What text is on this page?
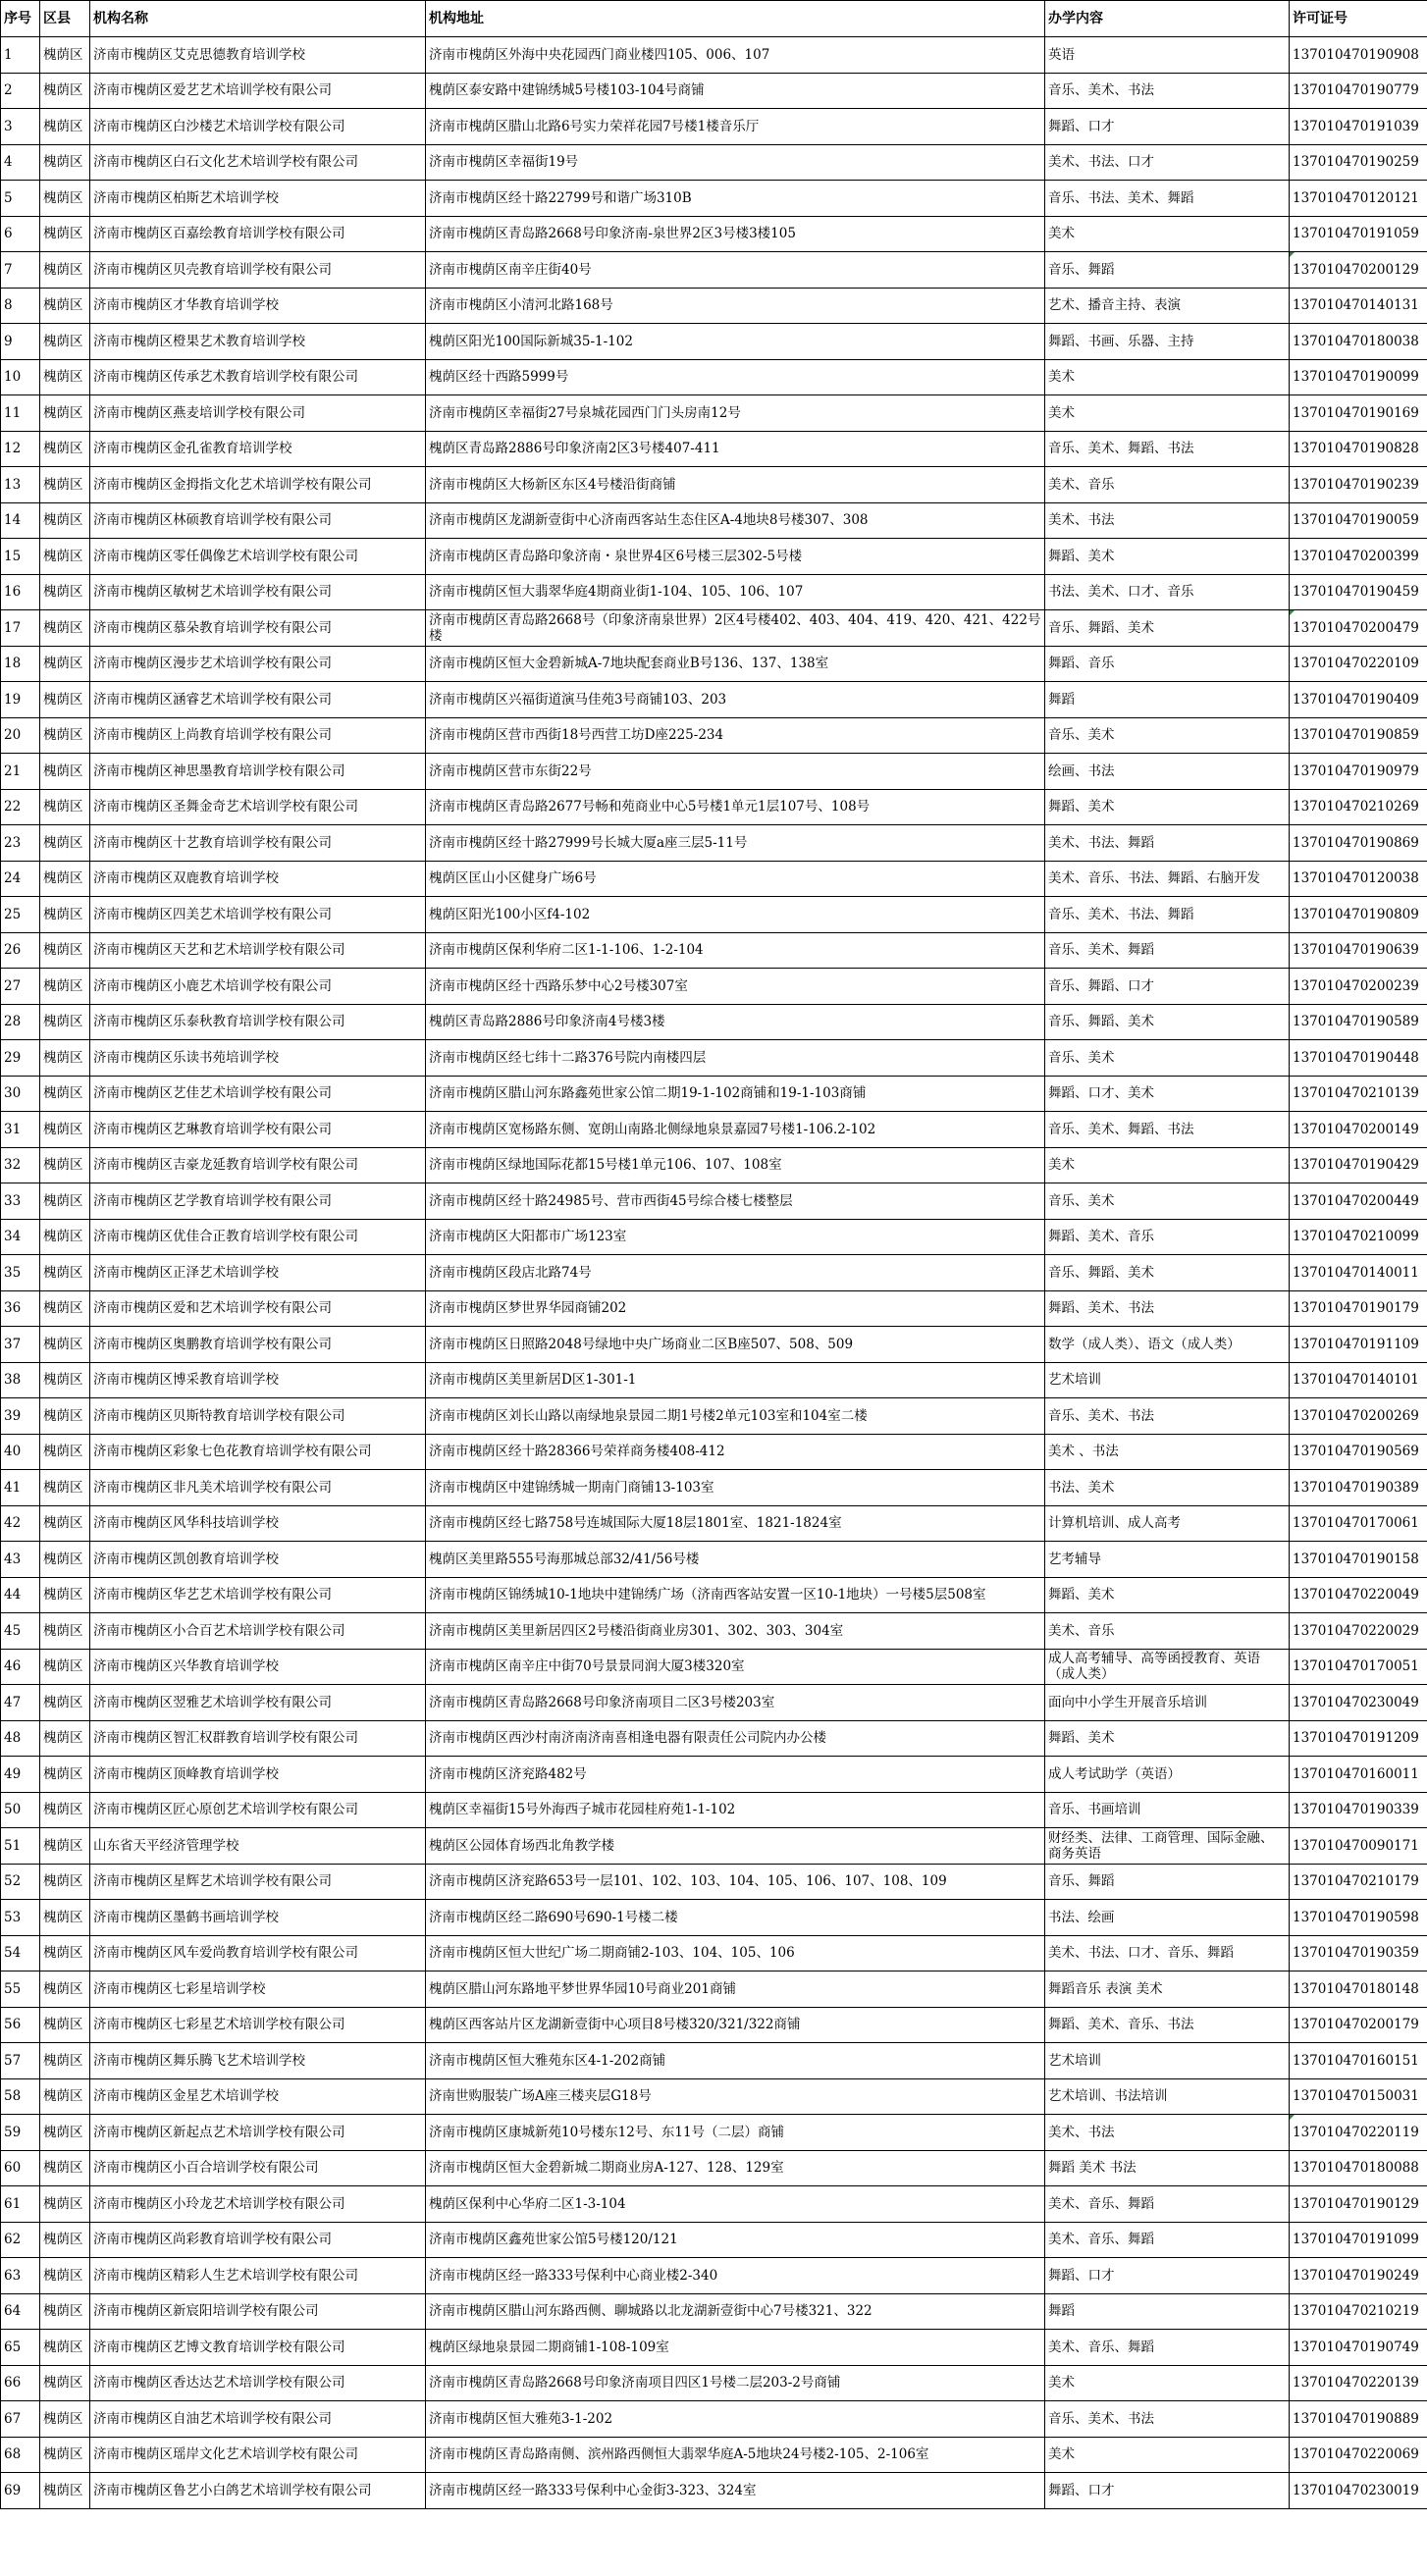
序号	区县	机构名称	机构地址	办学内容	许可证号
1	槐荫区	济南市槐荫区艾克思德教育培训学校	济南市槐荫区外海中央花园西门商业楼四105、006、107	英语	137010470190908
2	槐荫区	济南市槐荫区爱艺艺术培训学校有限公司	槐荫区泰安路中建锦绣城5号楼103-104号商铺	音乐、美术、书法	137010470190779
3	槐荫区	济南市槐荫区白沙楼艺术培训学校有限公司	济南市槐荫区腊山北路6号实力荣祥花园7号楼1楼音乐厅	舞蹈、口才	137010470191039
4	槐荫区	济南市槐荫区白石文化艺术培训学校有限公司	济南市槐荫区幸福街19号	美术、书法、口才	137010470190259
5	槐荫区	济南市槐荫区柏斯艺术培训学校	济南市槐荫区经十路22799号和谐广场310B	音乐、书法、美术、舞蹈	137010470120121
6	槐荫区	济南市槐荫区百嘉绘教育培训学校有限公司	济南市槐荫区青岛路2668号印象济南-泉世界2区3号楼3楼105	美术	137010470191059
7	槐荫区	济南市槐荫区贝壳教育培训学校有限公司	济南市槐荫区南辛庄街40号	音乐、舞蹈	137010470200129
8	槐荫区	济南市槐荫区才华教育培训学校	济南市槐荫区小清河北路168号	艺术、播音主持、表演	137010470140131
9	槐荫区	济南市槐荫区橙果艺术教育培训学校	槐荫区阳光100国际新城35-1-102	舞蹈、书画、乐器、主持	137010470180038
10	槐荫区	济南市槐荫区传承艺术教育培训学校有限公司	槐荫区经十西路5999号	美术	137010470190099
11	槐荫区	济南市槐荫区燕麦培训学校有限公司	济南市槐荫区幸福街27号泉城花园西门门头房南12号	美术	137010470190169
12	槐荫区	济南市槐荫区金孔雀教育培训学校	槐荫区青岛路2886号印象济南2区3号楼407-411	音乐、美术、舞蹈、书法	137010470190828
13	槐荫区	济南市槐荫区金拇指文化艺术培训学校有限公司	济南市槐荫区大杨新区东区4号楼沿街商铺	美术、音乐	137010470190239
14	槐荫区	济南市槐荫区林硕教育培训学校有限公司	济南市槐荫区龙湖新壹街中心济南西客站生态住区A-4地块8号楼307、308	美术、书法	137010470190059
15	槐荫区	济南市槐荫区零任偶像艺术培训学校有限公司	济南市槐荫区青岛路印象济南・泉世界4区6号楼三层302-5号楼	舞蹈、美术	137010470200399
16	槐荫区	济南市槐荫区敏树艺术培训学校有限公司	济南市槐荫区恒大翡翠华庭4期商业街1-104、105、106、107	书法、美术、口才、音乐	137010470190459
17	槐荫区	济南市槐荫区慕朵教育培训学校有限公司	济南市槐荫区青岛路2668号（印象济南泉世界）2区4号楼402、403、404、419、420、421、422号楼	音乐、舞蹈、美术	137010470200479
18	槐荫区	济南市槐荫区漫步艺术培训学校有限公司	济南市槐荫区恒大金碧新城A-7地块配套商业B号136、137、138室	舞蹈、音乐	137010470220109
19	槐荫区	济南市槐荫区涵睿艺术培训学校有限公司	济南市槐荫区兴福街道演马佳苑3号商铺103、203	舞蹈	137010470190409
20	槐荫区	济南市槐荫区上尚教育培训学校有限公司	济南市槐荫区营市西街18号西营工坊D座225-234	音乐、美术	137010470190859
21	槐荫区	济南市槐荫区神思墨教育培训学校有限公司	济南市槐荫区营市东街22号	绘画、书法	137010470190979
22	槐荫区	济南市槐荫区圣舞金奇艺术培训学校有限公司	济南市槐荫区青岛路2677号畅和苑商业中心5号楼1单元1层107号、108号	舞蹈、美术	137010470210269
23	槐荫区	济南市槐荫区十艺教育培训学校有限公司	济南市槐荫区经十路27999号长城大厦a座三层5-11号	美术、书法、舞蹈	137010470190869
24	槐荫区	济南市槐荫区双鹿教育培训学校	槐荫区匡山小区健身广场6号	美术、音乐、书法、舞蹈、右脑开发	137010470120038
25	槐荫区	济南市槐荫区四美艺术培训学校有限公司	槐荫区阳光100小区f4-102	音乐、美术、书法、舞蹈	137010470190809
26	槐荫区	济南市槐荫区天艺和艺术培训学校有限公司	济南市槐荫区保利华府二区1-1-106、1-2-104	音乐、美术、舞蹈	137010470190639
27	槐荫区	济南市槐荫区小鹿艺术培训学校有限公司	济南市槐荫区经十西路乐梦中心2号楼307室	音乐、舞蹈、口才	137010470200239
28	槐荫区	济南市槐荫区乐泰秋教育培训学校有限公司	槐荫区青岛路2886号印象济南4号楼3楼	音乐、舞蹈、美术	137010470190589
29	槐荫区	济南市槐荫区乐读书苑培训学校	济南市槐荫区经七纬十二路376号院内南楼四层	音乐、美术	137010470190448
30	槐荫区	济南市槐荫区艺佳艺术培训学校有限公司	济南市槐荫区腊山河东路鑫苑世家公馆二期19-1-102商铺和19-1-103商铺	舞蹈、口才、美术	137010470210139
31	槐荫区	济南市槐荫区艺琳教育培训学校有限公司	济南市槐荫区宽杨路东侧、宽朗山南路北侧绿地泉景嘉园7号楼1-106.2-102	音乐、美术、舞蹈、书法	137010470200149
32	槐荫区	济南市槐荫区吉豪龙延教育培训学校有限公司	济南市槐荫区绿地国际花都15号楼1单元106、107、108室	美术	137010470190429
33	槐荫区	济南市槐荫区艺学教育培训学校有限公司	济南市槐荫区经十路24985号、营市西街45号综合楼七楼整层	音乐、美术	137010470200449
34	槐荫区	济南市槐荫区优佳合正教育培训学校有限公司	济南市槐荫区大阳都市广场123室	舞蹈、美术、音乐	137010470210099
35	槐荫区	济南市槐荫区正泽艺术培训学校	济南市槐荫区段店北路74号	音乐、舞蹈、美术	137010470140011
36	槐荫区	济南市槐荫区爱和艺术培训学校有限公司	济南市槐荫区梦世界华园商铺202	舞蹈、美术、书法	137010470190179
37	槐荫区	济南市槐荫区奥鹏教育培训学校有限公司	济南市槐荫区日照路2048号绿地中央广场商业二区B座507、508、509	数学（成人类）、语文（成人类）	137010470191109
38	槐荫区	济南市槐荫区博采教育培训学校	济南市槐荫区美里新居D区1-301-1	艺术培训	137010470140101
39	槐荫区	济南市槐荫区贝斯特教育培训学校有限公司	济南市槐荫区刘长山路以南绿地泉景园二期1号楼2单元103室和104室二楼	音乐、美术、书法	137010470200269
40	槐荫区	济南市槐荫区彩象七色花教育培训学校有限公司	济南市槐荫区经十路28366号荣祥商务楼408-412	美术 、书法	137010470190569
41	槐荫区	济南市槐荫区非凡美术培训学校有限公司	济南市槐荫区中建锦绣城一期南门商铺13-103室	书法、美术	137010470190389
42	槐荫区	济南市槐荫区风华科技培训学校	济南市槐荫区经七路758号连城国际大厦18层1801室、1821-1824室	计算机培训、成人高考	137010470170061
43	槐荫区	济南市槐荫区凯创教育培训学校	槐荫区美里路555号海那城总部32/41/56号楼	艺考辅导	137010470190158
44	槐荫区	济南市槐荫区华艺艺术培训学校有限公司	济南市槐荫区锦绣城10-1地块中建锦绣广场（济南西客站安置一区10-1地块）一号楼5层508室	舞蹈、美术	137010470220049
45	槐荫区	济南市槐荫区小合百艺术培训学校有限公司	济南市槐荫区美里新居四区2号楼沿街商业房301、302、303、304室	美术、音乐	137010470220029
46	槐荫区	济南市槐荫区兴华教育培训学校	济南市槐荫区南辛庄中街70号景景同润大厦3楼320室	成人高考辅导、高等函授教育、英语（成人类）	137010470170051
47	槐荫区	济南市槐荫区翌雅艺术培训学校有限公司	济南市槐荫区青岛路2668号印象济南项目二区3号楼203室	面向中小学生开展音乐培训	137010470230049
48	槐荫区	济南市槐荫区智汇权群教育培训学校有限公司	济南市槐荫区西沙村南济南济南喜相逢电器有限责任公司院内办公楼	舞蹈、美术	137010470191209
49	槐荫区	济南市槐荫区顶峰教育培训学校	济南市槐荫区济兖路482号	成人考试助学（英语）	137010470160011
50	槐荫区	济南市槐荫区匠心原创艺术培训学校有限公司	槐荫区幸福街15号外海西子城市花园桂府苑1-1-102	音乐、书画培训	137010470190339
51	槐荫区	山东省天平经济管理学校	槐荫区公园体育场西北角教学楼	财经类、法律、工商管理、国际金融、商务英语	137010470090171
52	槐荫区	济南市槐荫区星辉艺术培训学校有限公司	济南市槐荫区济兖路653号一层101、102、103、104、105、106、107、108、109	音乐、舞蹈	137010470210179
53	槐荫区	济南市槐荫区墨鹤书画培训学校	济南市槐荫区经二路690号690-1号楼二楼	书法、绘画	137010470190598
54	槐荫区	济南市槐荫区风车爱尚教育培训学校有限公司	济南市槐荫区恒大世纪广场二期商铺2-103、104、105、106	美术、书法、口才、音乐、舞蹈	137010470190359
55	槐荫区	济南市槐荫区七彩星培训学校	槐荫区腊山河东路地平梦世界华园10号商业201商铺	舞蹈音乐 表演 美术	137010470180148
56	槐荫区	济南市槐荫区七彩星艺术培训学校有限公司	槐荫区西客站片区龙湖新壹街中心项目8号楼320/321/322商铺	舞蹈、美术、音乐、书法	137010470200179
57	槐荫区	济南市槐荫区舞乐腾飞艺术培训学校	济南市槐荫区恒大雅苑东区4-1-202商铺	艺术培训	137010470160151
58	槐荫区	济南市槐荫区金星艺术培训学校	济南世购服装广场A座三楼夹层G18号	艺术培训、书法培训	137010470150031
59	槐荫区	济南市槐荫区新起点艺术培训学校有限公司	济南市槐荫区康城新苑10号楼东12号、东11号（二层）商铺	美术、书法	137010470220119
60	槐荫区	济南市槐荫区小百合培训学校有限公司	济南市槐荫区恒大金碧新城二期商业房A-127、128、129室	舞蹈 美术 书法	137010470180088
61	槐荫区	济南市槐荫区小玲龙艺术培训学校有限公司	槐荫区保利中心华府二区1-3-104	美术、音乐、舞蹈	137010470190129
62	槐荫区	济南市槐荫区尚彩教育培训学校有限公司	济南市槐荫区鑫苑世家公馆5号楼120/121	美术、音乐、舞蹈	137010470191099
63	槐荫区	济南市槐荫区精彩人生艺术培训学校有限公司	济南市槐荫区经一路333号保利中心商业楼2-340	舞蹈、口才	137010470190249
64	槐荫区	济南市槐荫区新宸阳培训学校有限公司	济南市槐荫区腊山河东路西侧、聊城路以北龙湖新壹街中心7号楼321、322	舞蹈	137010470210219
65	槐荫区	济南市槐荫区艺博文教育培训学校有限公司	槐荫区绿地泉景园二期商铺1-108-109室	美术、音乐、舞蹈	137010470190749
66	槐荫区	济南市槐荫区香达达艺术培训学校有限公司	济南市槐荫区青岛路2668号印象济南项目四区1号楼二层203-2号商铺	美术	137010470220139
67	槐荫区	济南市槐荫区自油艺术培训学校有限公司	济南市槐荫区恒大雅苑3-1-202	音乐、美术、书法	137010470190889
68	槐荫区	济南市槐荫区瑶岸文化艺术培训学校有限公司	济南市槐荫区青岛路南侧、滨州路西侧恒大翡翠华庭A-5地块24号楼2-105、2-106室	美术	137010470220069
69	槐荫区	济南市槐荫区鲁艺小白鸽艺术培训学校有限公司	济南市槐荫区经一路333号保利中心金街3-323、324室	舞蹈、口才	137010470230019
